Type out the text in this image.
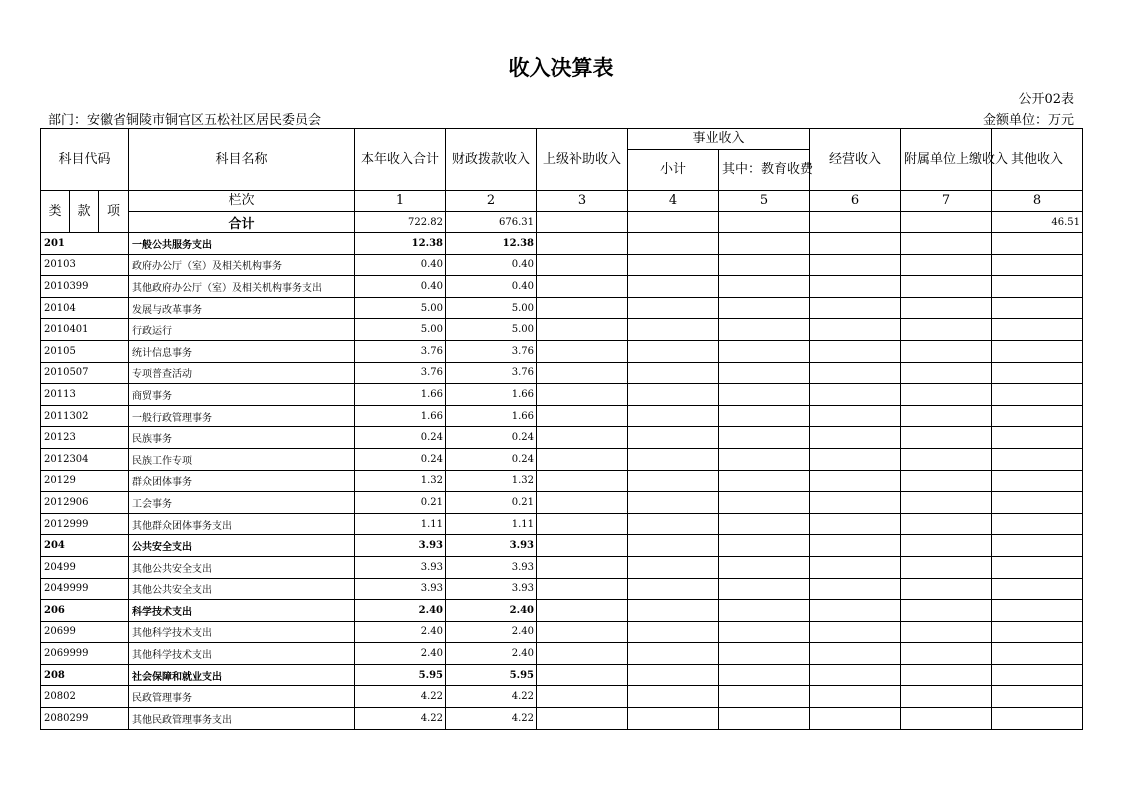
收入决算表
公开02表
部门：安徽省铜陵市铜官区五松社区居民委员会	金额单位：万元
科目代码			科目名称	本年收入合计	财政拨款收入	上级补助收入	事业收入		经营收入	附属单位上缴收入	其他收入
							小计	其中：教育收费			
类	款	项	栏次	1	2	3	4	5	6	7	8
			合计	722.82	676.31						46.51
201			一般公共服务支出	12.38	12.38						
20103			政府办公厅（室）及相关机构事务	0.40	0.40						
2010399			其他政府办公厅（室）及相关机构事务支出	0.40	0.40						
20104			发展与改革事务	5.00	5.00						
2010401			行政运行	5.00	5.00						
20105			统计信息事务	3.76	3.76						
2010507			专项普查活动	3.76	3.76						
20113			商贸事务	1.66	1.66						
2011302			一般行政管理事务	1.66	1.66						
20123			民族事务	0.24	0.24						
2012304			民族工作专项	0.24	0.24						
20129			群众团体事务	1.32	1.32						
2012906			工会事务	0.21	0.21						
2012999			其他群众团体事务支出	1.11	1.11						
204			公共安全支出	3.93	3.93						
20499			其他公共安全支出	3.93	3.93						
2049999			其他公共安全支出	3.93	3.93						
206			科学技术支出	2.40	2.40						
20699			其他科学技术支出	2.40	2.40						
2069999			其他科学技术支出	2.40	2.40						
208			社会保障和就业支出	5.95	5.95						
20802			民政管理事务	4.22	4.22						
2080299			其他民政管理事务支出	4.22	4.22						
